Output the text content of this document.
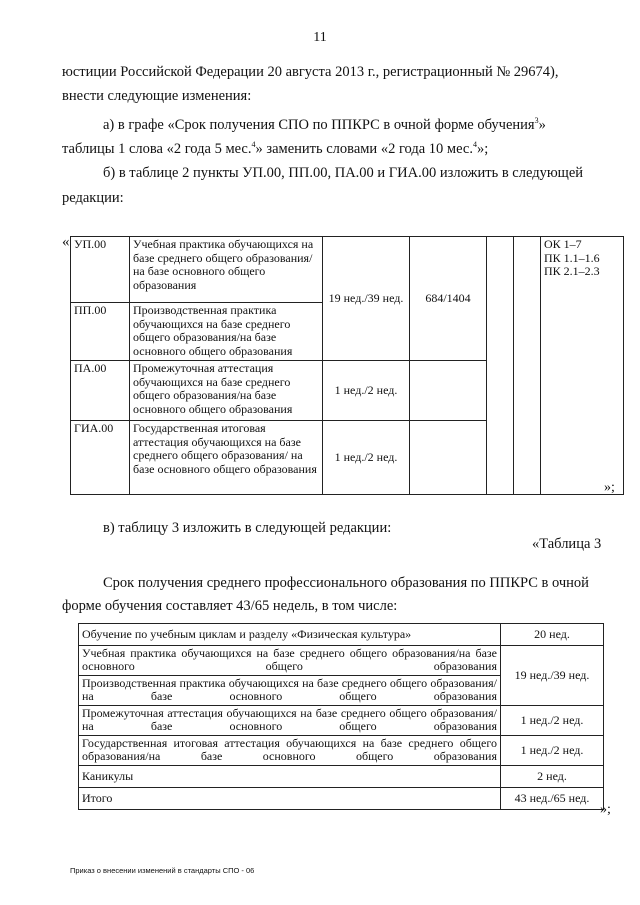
11
юстиции Российской Федерации 20 августа 2013 г., регистрационный № 29674),
внести следующие изменения:
а) в графе «Срок получения СПО по ППКРС в очной форме обучения$^3$»
таблицы 1 слова «2 года 5 мес.$^4$» заменить словами «2 года 10 мес.$^4$»;
б) в таблице 2 пункты УП.00, ПП.00, ПА.00 и ГИА.00 изложить в следующей
редакции:
« УП.00	Учебная практика обучающихся на базе среднего общего образования/на базе основного общего образования	19 нед./39 нед.	684/1404			ОК 1–7
ПК 1.1–1.6
ПК 2.1–2.3

ПП.00	Производственная практика обучающихся на базе среднего общего образования/на базе основного общего образования					
ПА.00	Промежуточная аттестация обучающихся на базе среднего общего образования/на базе основного общего образования	1 нед./2 нед.				
ГИА.00	Государственная итоговая аттестация обучающихся на базе среднего общего образования/ на базе основного общего образования	1 нед./2 нед.				
»;
в) таблицу 3 изложить в следующей редакции:
«Таблица 3
Срок получения среднего профессионального образования по ППКРС в очной
форме обучения составляет 43/65 недель, в том числе:
Обучение по учебным циклам и разделу «Физическая культура»	20 нед.
Учебная практика обучающихся на базе среднего общего образования/на базе основного общего образования	19 нед./39 нед.
Производственная практика обучающихся на базе среднего общего образования/на базе основного общего образования	
Промежуточная аттестация обучающихся на базе среднего общего образования/на базе основного общего образования	1 нед./2 нед.
Государственная итоговая аттестация обучающихся на базе среднего общего образования/на базе основного общего образования	1 нед./2 нед.
Каникулы	2 нед.
Итого	43 нед./65 нед.
»;
Приказ о внесении изменений в стандарты СПО - 06
